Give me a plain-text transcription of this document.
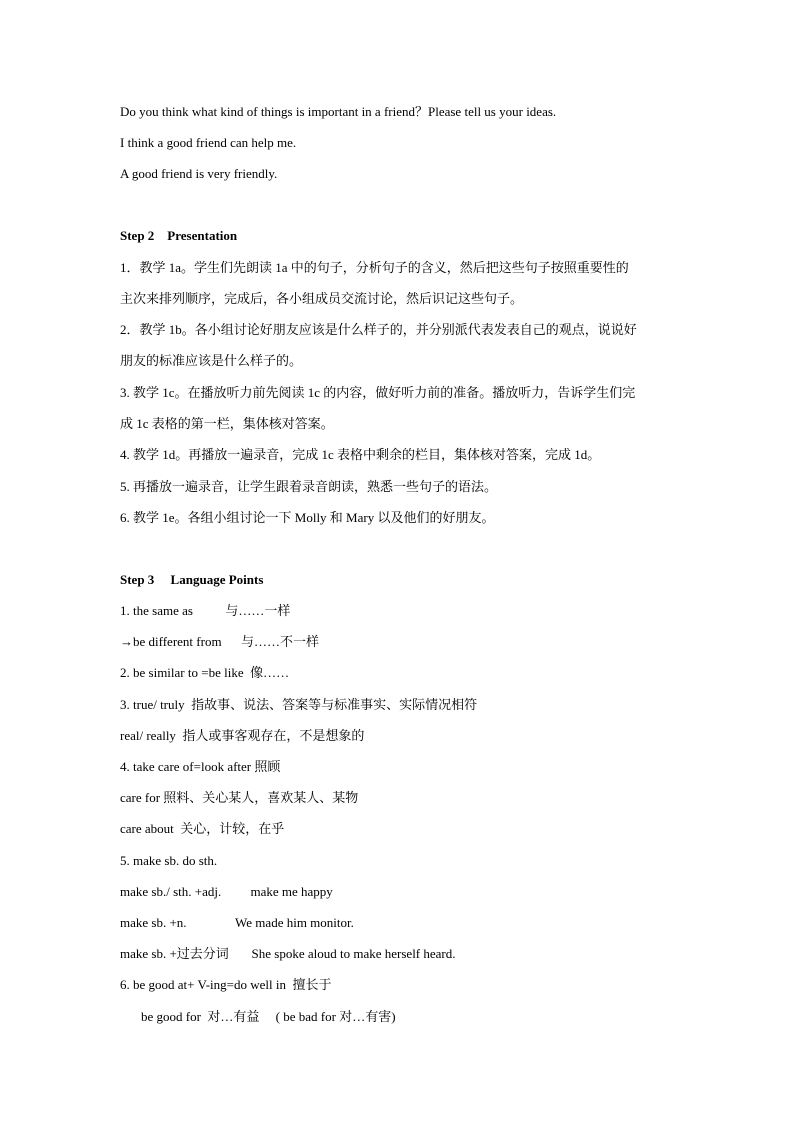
Do you think what kind of things is important in a friend？Please tell us your ideas.
I think a good friend can help me.
A good friend is very friendly.
Step 2    Presentation
1．教学 1a。学生们先朗读 1a 中的句子，分析句子的含义，然后把这些句子按照重要性的
主次来排列顺序，完成后，各小组成员交流讨论，然后识记这些句子。
2．教学 1b。各小组讨论好朋友应该是什么样子的，并分别派代表发表自己的观点，说说好
朋友的标准应该是什么样子的。
3. 教学 1c。在播放听力前先阅读 1c 的内容，做好听力前的准备。播放听力，告诉学生们完
成 1c 表格的第一栏，集体核对答案。
4. 教学 1d。再播放一遍录音，完成 1c 表格中剩余的栏目，集体核对答案，完成 1d。
5. 再播放一遍录音，让学生跟着录音朗读，熟悉一些句子的语法。
6. 教学 1e。各组小组讨论一下 Molly 和 Mary 以及他们的好朋友。
Step 3     Language Points
1. the same as          与……一样
→be different from      与……不一样
2. be similar to =be like  像……
3. true/ truly  指故事、说法、答案等与标准事实、实际情况相符
real/ really  指人或事客观存在，不是想象的
4. take care of=look after 照顾
care for 照料、关心某人，喜欢某人、某物
care about  关心，计较，在乎
5. make sb. do sth.
make sb./ sth. +adj.         make me happy
make sb. +n.               We made him monitor.
make sb. +过去分词       She spoke aloud to make herself heard.
6. be good at+ V-ing=do well in  擅长于
be good for  对…有益     ( be bad for 对…有害)
